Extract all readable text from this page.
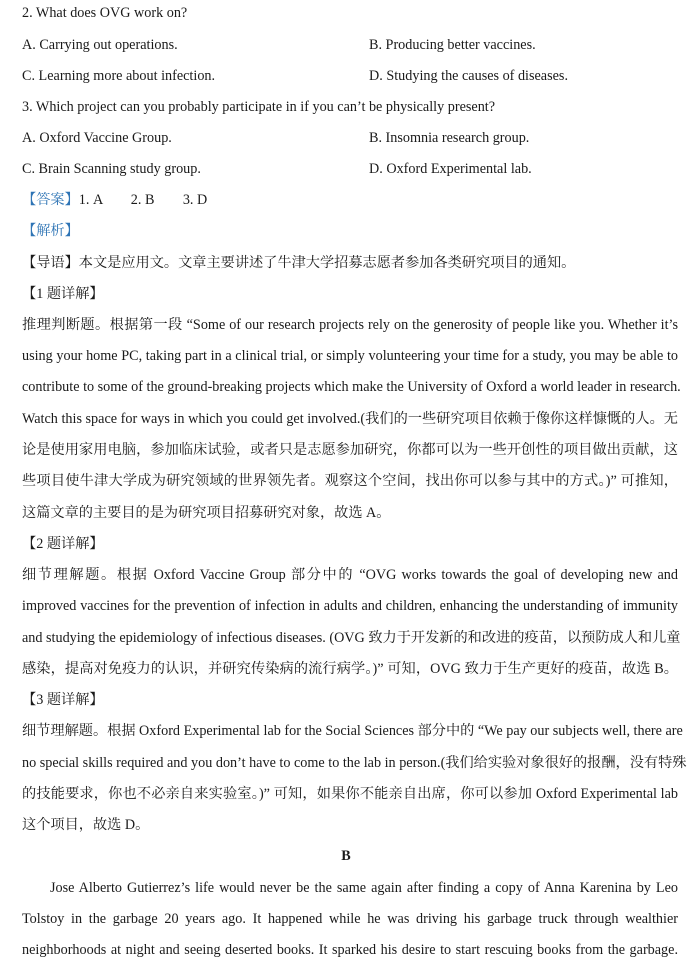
2. What does OVG work on?
A. Carrying out operations.	B. Producing better vaccines.
C. Learning more about infection.	D. Studying the causes of diseases.
3. Which project can you probably participate in if you can’t be physically present?
A. Oxford Vaccine Group.	B. Insomnia research group.
C. Brain Scanning study group.	D. Oxford Experimental lab.
【答案】1. A        2. B        3. D
【解析】
【导语】本文是应用文。文章主要讲述了牛津大学招募志愿者参加各类研究项目的通知。
【1 题详解】
推理判断题。根据第一段 “Some of our research projects rely on the generosity of people like you. Whether it’s
using your home PC, taking part in a clinical trial, or simply volunteering your time for a study, you may be able to
contribute to some of the ground-breaking projects which make the University of Oxford a world leader in research.
Watch this space for ways in which you could get involved.(我们的一些研究项目依赖于像你这样慷慨的人。无
论是使用家用电脑，参加临床试验，或者只是志愿参加研究，你都可以为一些开创性的项目做出贡献，这
些项目使牛津大学成为研究领域的世界领先者。观察这个空间，找出你可以参与其中的方式。)” 可推知，
这篇文章的主要目的是为研究项目招募研究对象，故选 A。
【2 题详解】
细节理解题。根据 Oxford Vaccine Group 部分中的 “OVG works towards the goal of developing new and
improved vaccines for the prevention of infection in adults and children, enhancing the understanding of immunity
and studying the epidemiology of infectious diseases. (OVG 致力于开发新的和改进的疫苗，以预防成人和儿童
感染，提高对免疫力的认识，并研究传染病的流行病学。)” 可知，OVG 致力于生产更好的疫苗，故选 B。
【3 题详解】
细节理解题。根据 Oxford Experimental lab for the Social Sciences 部分中的 “We pay our subjects well, there are
no special skills required and you don’t have to come to the lab in person.(我们给实验对象很好的报酬，没有特殊
的技能要求，你也不必亲自来实验室。)” 可知，如果你不能亲自出席，你可以参加 Oxford Experimental lab
这个项目，故选 D。
B
Jose Alberto Gutierrez’s life would never be the same again after finding a copy of Anna Karenina by Leo
Tolstoy in the garbage 20 years ago. It happened while he was driving his garbage truck through wealthier
neighborhoods at night and seeing deserted books. It sparked his desire to start rescuing books from the garbage.
